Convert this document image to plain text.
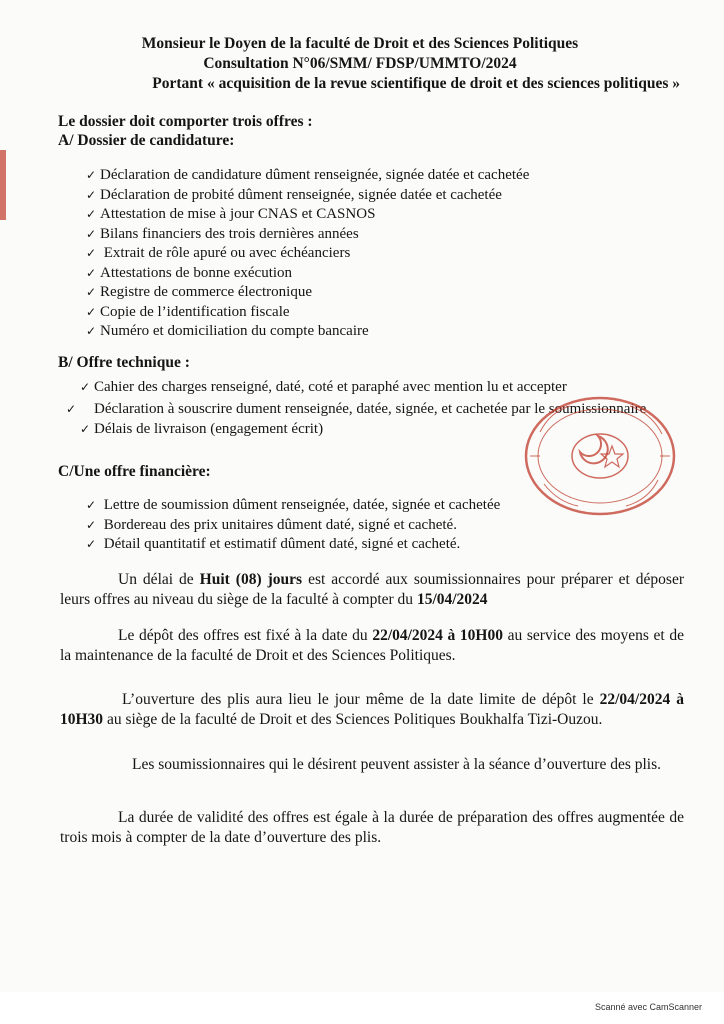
Monsieur le Doyen de la faculté de Droit et des Sciences Politiques
Consultation N°06/SMM/ FDSP/UMMTO/2024
Portant « acquisition de la revue scientifique de droit et des sciences politiques »
Le dossier doit comporter trois offres :
A/ Dossier de candidature:
✓ Déclaration de candidature dûment renseignée, signée datée et cachetée
✓ Déclaration de probité dûment renseignée, signée datée et cachetée
✓ Attestation de mise à jour CNAS et CASNOS
✓ Bilans financiers des trois dernières années
✓ Extrait de rôle apuré ou avec échéanciers
✓ Attestations de bonne exécution
✓ Registre de commerce électronique
✓ Copie de l’identification fiscale
✓ Numéro et domiciliation du compte bancaire
B/ Offre technique :
✓ Cahier des charges renseigné, daté, coté et paraphé avec mention lu et accepter
✓ Déclaration à souscrire dument renseignée, datée, signée, et cachetée par le soumissionnaire
✓ Délais de livraison (engagement écrit)
C/Une offre financière:
✓ Lettre de soumission dûment renseignée, datée, signée et cachetée
✓ Bordereau des prix unitaires dûment daté, signé et cacheté.
✓ Détail quantitatif et estimatif dûment daté, signé et cacheté.
Un délai de Huit (08) jours est accordé aux soumissionnaires pour préparer et déposer leurs offres au niveau du siège de la faculté à compter du 15/04/2024
Le dépôt des offres est fixé à la date du 22/04/2024 à 10H00 au service des moyens et de la maintenance de la faculté de Droit et des Sciences Politiques.
L’ouverture des plis aura lieu le jour même de la date limite de dépôt le 22/04/2024 à 10H30 au siège de la faculté de Droit et des Sciences Politiques Boukhalfa Tizi-Ouzou.
Les soumissionnaires qui le désirent peuvent assister à la séance d’ouverture des plis.
La durée de validité des offres est égale à la durée de préparation des offres augmentée de trois mois à compter de la date d’ouverture des plis.
Scanné avec CamScanner
